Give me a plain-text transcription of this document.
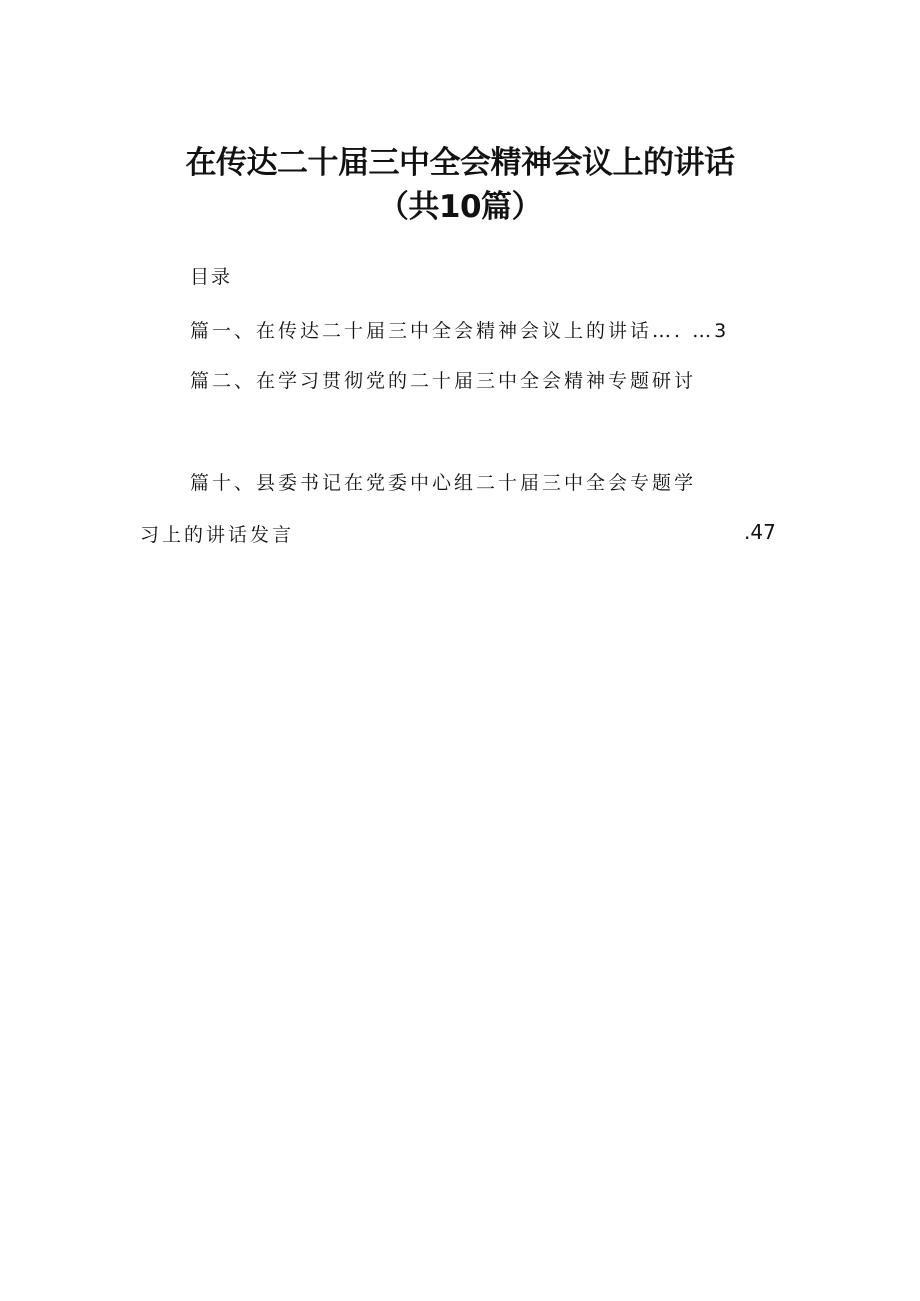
在传达二十届三中全会精神会议上的讲话
（共10篇）
目录
篇一、在传达二十届三中全会精神会议上的讲话…. …3
篇二、在学习贯彻党的二十届三中全会精神专题研讨
篇十、县委书记在党委中心组二十届三中全会专题学
习上的讲话发言	.47
